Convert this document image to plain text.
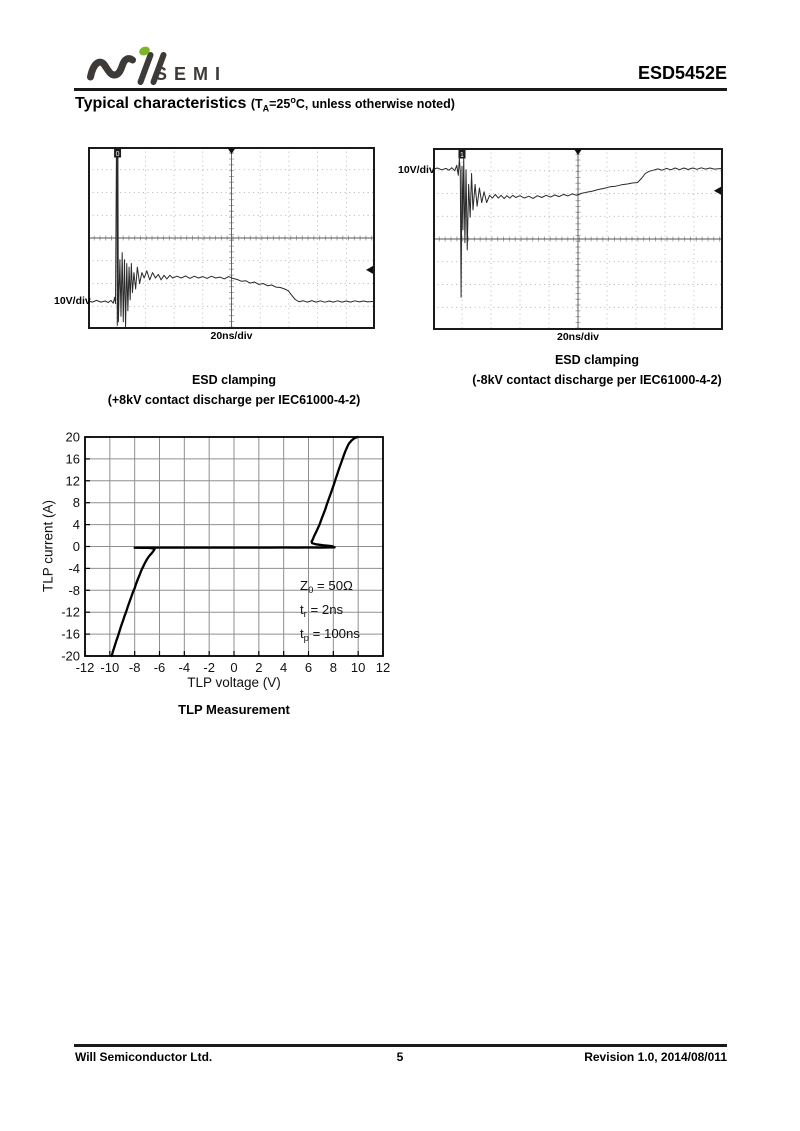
SEMI	ESD5452E
Typical characteristics ($T_A=25^oC$, unless otherwise noted)
0
10V/div
20ns/div
1
10V/div
20ns/div
ESD clamping
(+8kV contact discharge per IEC61000-4-2)
ESD clamping
(-8kV contact discharge per IEC61000-4-2)
-12 -10 -8 -6 -4 -2 0 2 4 6 8 10 12
20
16
12
8
4
0
-4
-8
-12
-16
-20
$Z_0 = 50\Omega$
$t_r = 2ns$
$t_p = 100ns$
TLP current (A)
TLP voltage (V)
TLP Measurement
Will Semiconductor Ltd.	5	Revision 1.0, 2014/08/011
